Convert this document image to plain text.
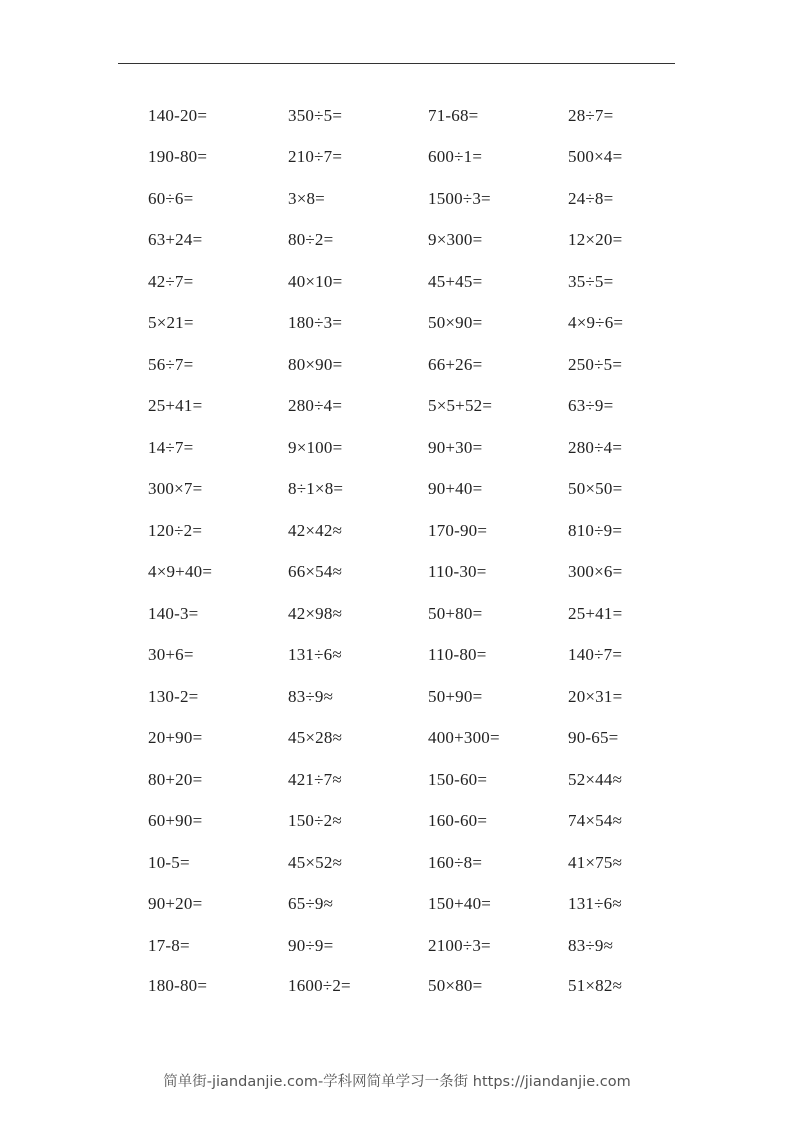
140-20=	350÷5=	71-68=	28÷7=
190-80=	210÷7=	600÷1=	500×4=
60÷6=	3×8=	1500÷3=	24÷8=
63+24=	80÷2=	9×300=	12×20=
42÷7=	40×10=	45+45=	35÷5=
5×21=	180÷3=	50×90=	4×9÷6=
56÷7=	80×90=	66+26=	250÷5=
25+41=	280÷4=	5×5+52=	63÷9=
14÷7=	9×100=	90+30=	280÷4=
300×7=	8÷1×8=	90+40=	50×50=
120÷2=	42×42≈	170-90=	810÷9=
4×9+40=	66×54≈	110-30=	300×6=
140-3=	42×98≈	50+80=	25+41=
30+6=	131÷6≈	110-80=	140÷7=
130-2=	83÷9≈	50+90=	20×31=
20+90=	45×28≈	400+300=	90-65=
80+20=	421÷7≈	150-60=	52×44≈
60+90=	150÷2≈	160-60=	74×54≈
10-5=	45×52≈	160÷8=	41×75≈
90+20=	65÷9≈	150+40=	131÷6≈
17-8=	90÷9=	2100÷3=	83÷9≈
180-80=	1600÷2=	50×80=	51×82≈
简单街-jiandanjie.com-学科网简单学习一条街 https://jiandanjie.com
